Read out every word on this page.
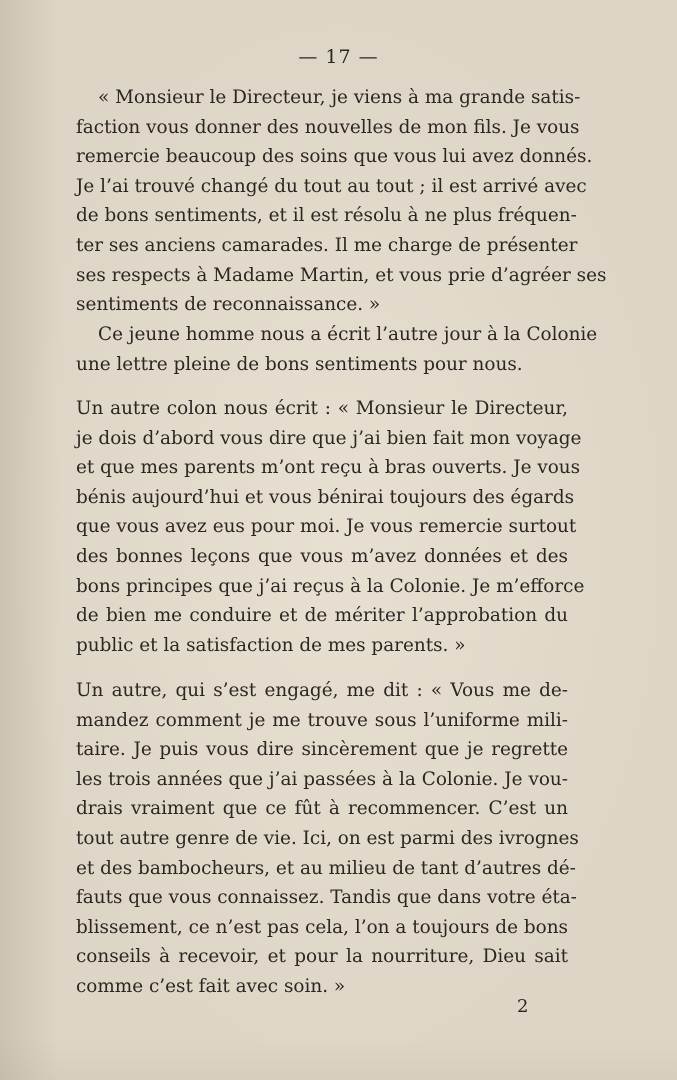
— 17 —
« Monsieur le Directeur, je viens à ma grande satis-
faction vous donner des nouvelles de mon fils. Je vous
remercie beaucoup des soins que vous lui avez donnés.
Je l’ai trouvé changé du tout au tout ; il est arrivé avec
de bons sentiments, et il est résolu à ne plus fréquen-
ter ses anciens camarades. Il me charge de présenter
ses respects à Madame Martin, et vous prie d’agréer ses
sentiments de reconnaissance. »
Ce jeune homme nous a écrit l’autre jour à la Colonie
une lettre pleine de bons sentiments pour nous.
Un autre colon nous écrit : « Monsieur le Directeur,
je dois d’abord vous dire que j’ai bien fait mon voyage
et que mes parents m’ont reçu à bras ouverts. Je vous
bénis aujourd’hui et vous bénirai toujours des égards
que vous avez eus pour moi. Je vous remercie surtout
des bonnes leçons que vous m’avez données et des
bons principes que j’ai reçus à la Colonie. Je m’efforce
de bien me conduire et de mériter l’approbation du
public et la satisfaction de mes parents. »
Un autre, qui s’est engagé, me dit : « Vous me de-
mandez comment je me trouve sous l’uniforme mili-
taire. Je puis vous dire sincèrement que je regrette
les trois années que j’ai passées à la Colonie. Je vou-
drais vraiment que ce fût à recommencer. C’est un
tout autre genre de vie. Ici, on est parmi des ivrognes
et des bambocheurs, et au milieu de tant d’autres dé-
fauts que vous connaissez. Tandis que dans votre éta-
blissement, ce n’est pas cela, l’on a toujours de bons
conseils à recevoir, et pour la nourriture, Dieu sait
comme c’est fait avec soin. »
2
